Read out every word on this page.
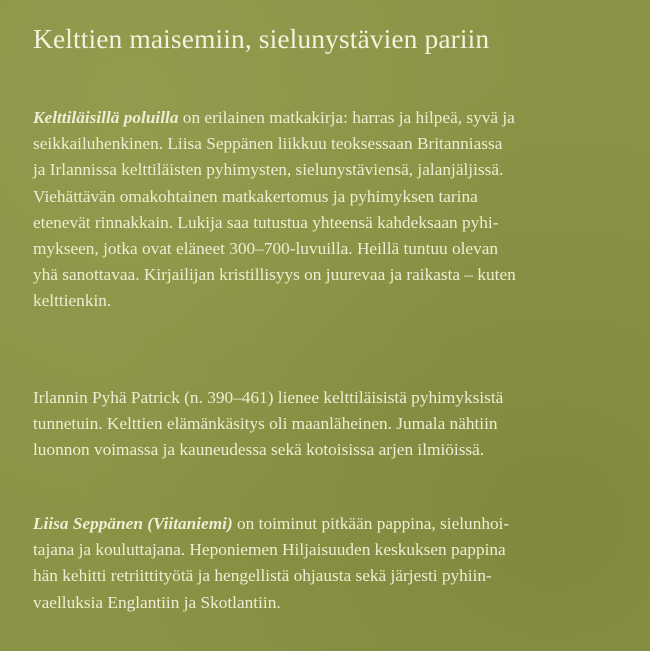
Kelttien maisemiin, sielunystävien pariin

Kelttiläisillä poluilla on erilainen matkakirja: harras ja hilpeä, syvä ja
seikkailuhenkinen. Liisa Seppänen liikkuu teoksessaan Britanniassa
ja Irlannissa kelttiläisten pyhimysten, sielunystäviensä, jalanjäljissä.
Viehättävän omakohtainen matkakertomus ja pyhimyksen tarina
etenevät rinnakkain. Lukija saa tutustua yhteensä kahdeksaan pyhi-
mykseen, jotka ovat eläneet 300–700-luvuilla. Heillä tuntuu olevan
yhä sanottavaa. Kirjailijan kristillisyys on juurevaa ja raikasta – kuten
kelttienkin.

Irlannin Pyhä Patrick (n. 390–461) lienee kelttiläisistä pyhimyksistä
tunnetuin. Kelttien elämänkäsitys oli maanläheinen. Jumala nähtiin
luonnon voimassa ja kauneudessa sekä kotoisissa arjen ilmiöissä.

Liisa Seppänen (Viitaniemi) on toiminut pitkään pappina, sielunhoi-
tajana ja kouluttajana. Heponiemen Hiljaisuuden keskuksen pappina
hän kehitti retriittityötä ja hengellistä ohjausta sekä järjesti pyhiin-
vaelluksia Englantiin ja Skotlantiin.
